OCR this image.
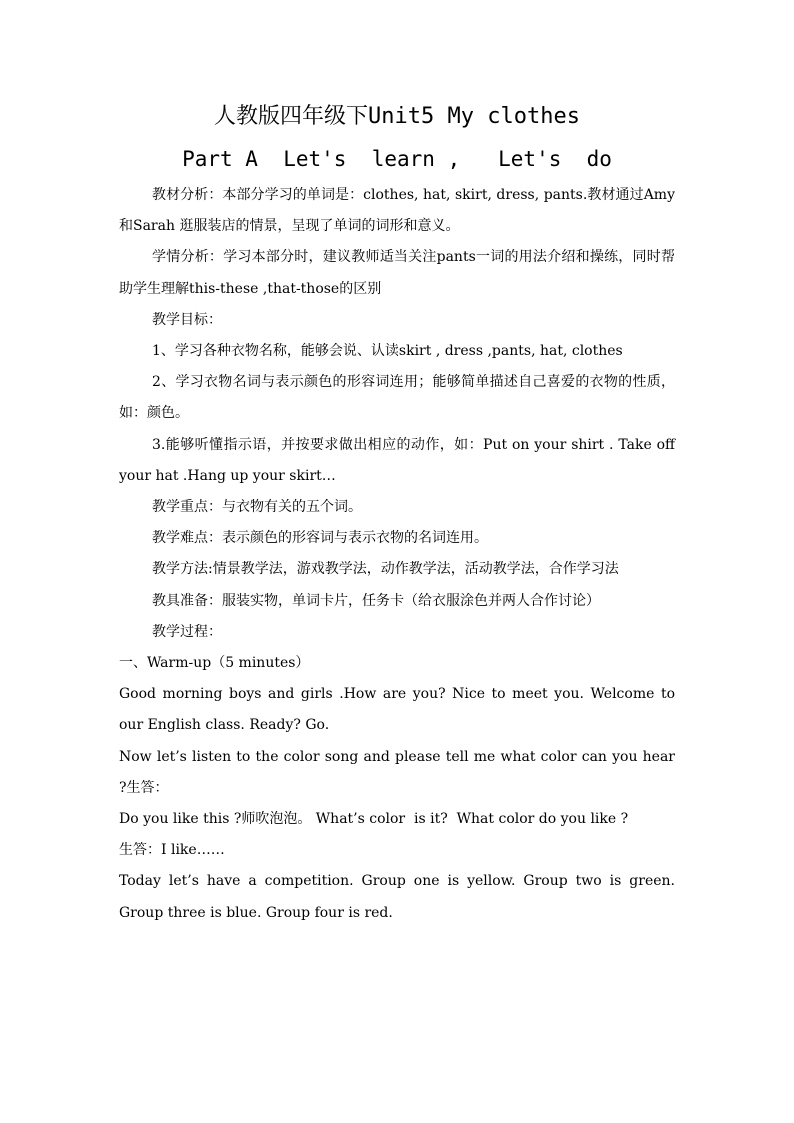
人教版四年级下Unit5 My clothes
Part A  Let's  learn ,   Let's  do

教材分析：本部分学习的单词是：clothes, hat, skirt, dress, pants.教材通过Amy和Sarah 逛服装店的情景，呈现了单词的词形和意义。

学情分析：学习本部分时，建议教师适当关注pants一词的用法介绍和操练，同时帮助学生理解this-these ,that-those的区别

教学目标：

1、学习各种衣物名称，能够会说、认读skirt , dress ,pants, hat, clothes

2、学习衣物名词与表示颜色的形容词连用；能够简单描述自己喜爱的衣物的性质，如：颜色。

3.能够听懂指示语，并按要求做出相应的动作，如：Put on your shirt . Take off your hat .Hang up your skirt…

教学重点：与衣物有关的五个词。

教学难点：表示颜色的形容词与表示衣物的名词连用。

教学方法:情景教学法，游戏教学法，动作教学法，活动教学法，合作学习法

教具准备：服装实物，单词卡片，任务卡（给衣服涂色并两人合作讨论）

教学过程：

一、Warm-up（5 minutes）

Good morning boys and girls .How are you? Nice to meet you. Welcome to our English class. Ready? Go.

Now let’s listen to the color song and please tell me what color can you hear ?生答：

Do you like this ?师吹泡泡。 What’s color  is it?  What color do you like ?

生答：I like……

Today let’s have a competition. Group one is yellow. Group two is green. Group three is blue. Group four is red.
